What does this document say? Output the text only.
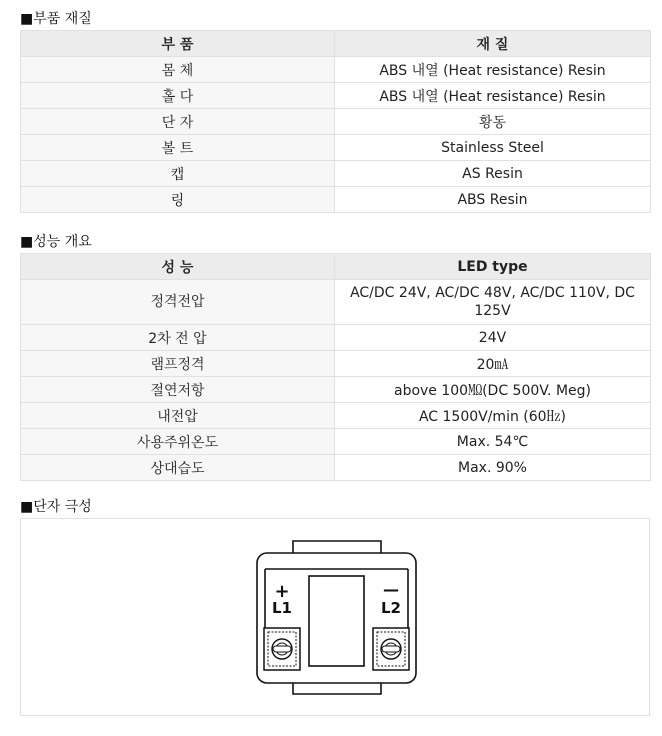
■부품 재질
부 품	재 질
몸 체	ABS 내열 (Heat resistance) Resin
홀 다	ABS 내열 (Heat resistance) Resin
단 자	황동
볼 트	Stainless Steel
캡	AS Resin
링	ABS Resin
■성능 개요
성 능	LED type
정격전압	AC/DC 24V, AC/DC 48V, AC/DC 110V, DC 125V
2차 전 압	24V
램프정격	20㎃
절연저항	above 100㏁(DC 500V. Meg)
내전압	AC 1500V/min (60㎐)
사용주위온도	Max. 54℃
상대습도	Max. 90%
■단자 극성
+
L1
—
L2
